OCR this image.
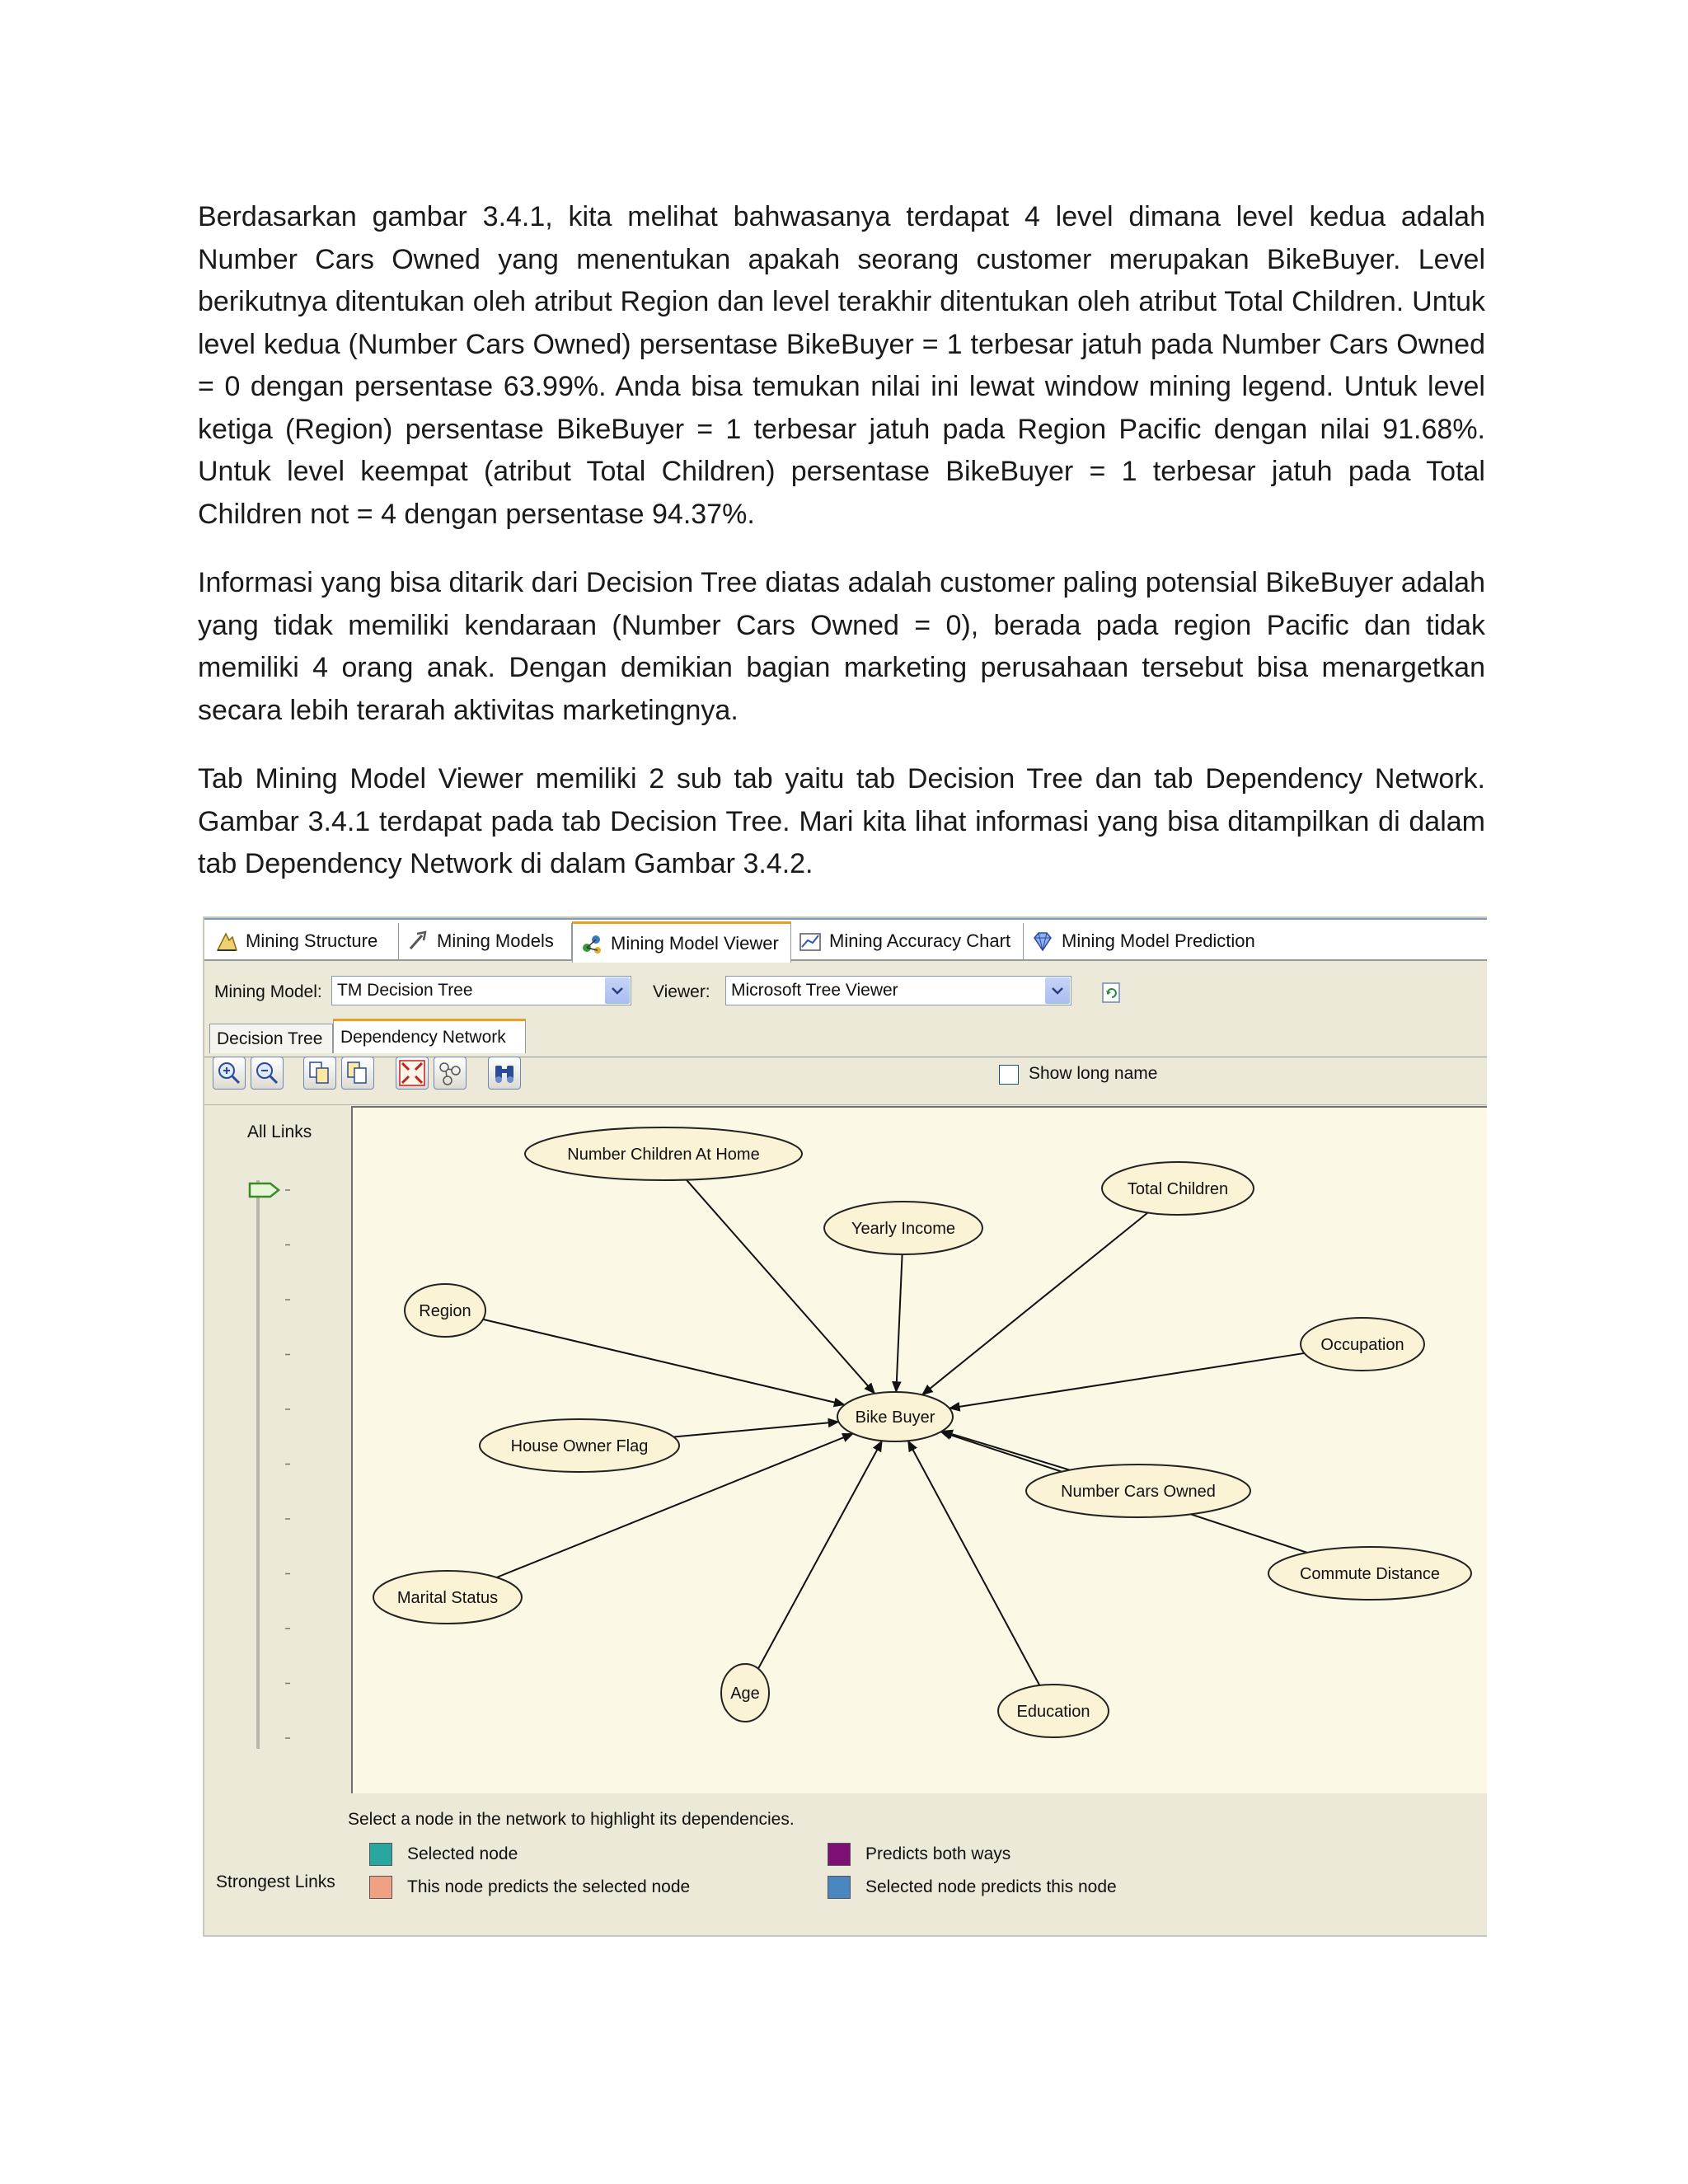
Berdasarkan gambar 3.4.1, kita melihat bahwasanya terdapat 4 level dimana level kedua adalah Number Cars Owned yang menentukan apakah seorang customer merupakan BikeBuyer. Level berikutnya ditentukan oleh atribut Region dan level terakhir ditentukan oleh atribut Total Children. Untuk level kedua (Number Cars Owned) persentase BikeBuyer = 1 terbesar jatuh pada Number Cars Owned = 0 dengan persentase 63.99%. Anda bisa temukan nilai ini lewat window mining legend. Untuk level ketiga (Region) persentase BikeBuyer = 1 terbesar jatuh pada Region Pacific dengan nilai 91.68%. Untuk level keempat (atribut Total Children) persentase BikeBuyer = 1 terbesar jatuh pada Total Children not = 4 dengan persentase 94.37%.

Informasi yang bisa ditarik dari Decision Tree diatas adalah customer paling potensial BikeBuyer adalah yang tidak memiliki kendaraan (Number Cars Owned = 0), berada pada region Pacific dan tidak memiliki 4 orang anak. Dengan demikian bagian marketing perusahaan tersebut bisa menargetkan secara lebih terarah aktivitas marketingnya.

Tab Mining Model Viewer memiliki 2 sub tab yaitu tab Decision Tree dan tab Dependency Network. Gambar 3.4.1 terdapat pada tab Decision Tree. Mari kita lihat informasi yang bisa ditampilkan di dalam tab Dependency Network di dalam Gambar 3.4.2.

Mining Structure	Mining Models	Mining Model Viewer	Mining Accuracy Chart	Mining Model Prediction
Mining Model: TM Decision Tree	Viewer: Microsoft Tree Viewer
Decision Tree Dependency Network
Show long name
All Links
Bike Buyer
Number Children At Home
Total Children
Yearly Income
Region
Occupation
House Owner Flag
Number Cars Owned
Commute Distance
Marital Status
Age
Education
Select a node in the network to highlight its dependencies.
Strongest Links
Selected node
This node predicts the selected node
Predicts both ways
Selected node predicts this node
